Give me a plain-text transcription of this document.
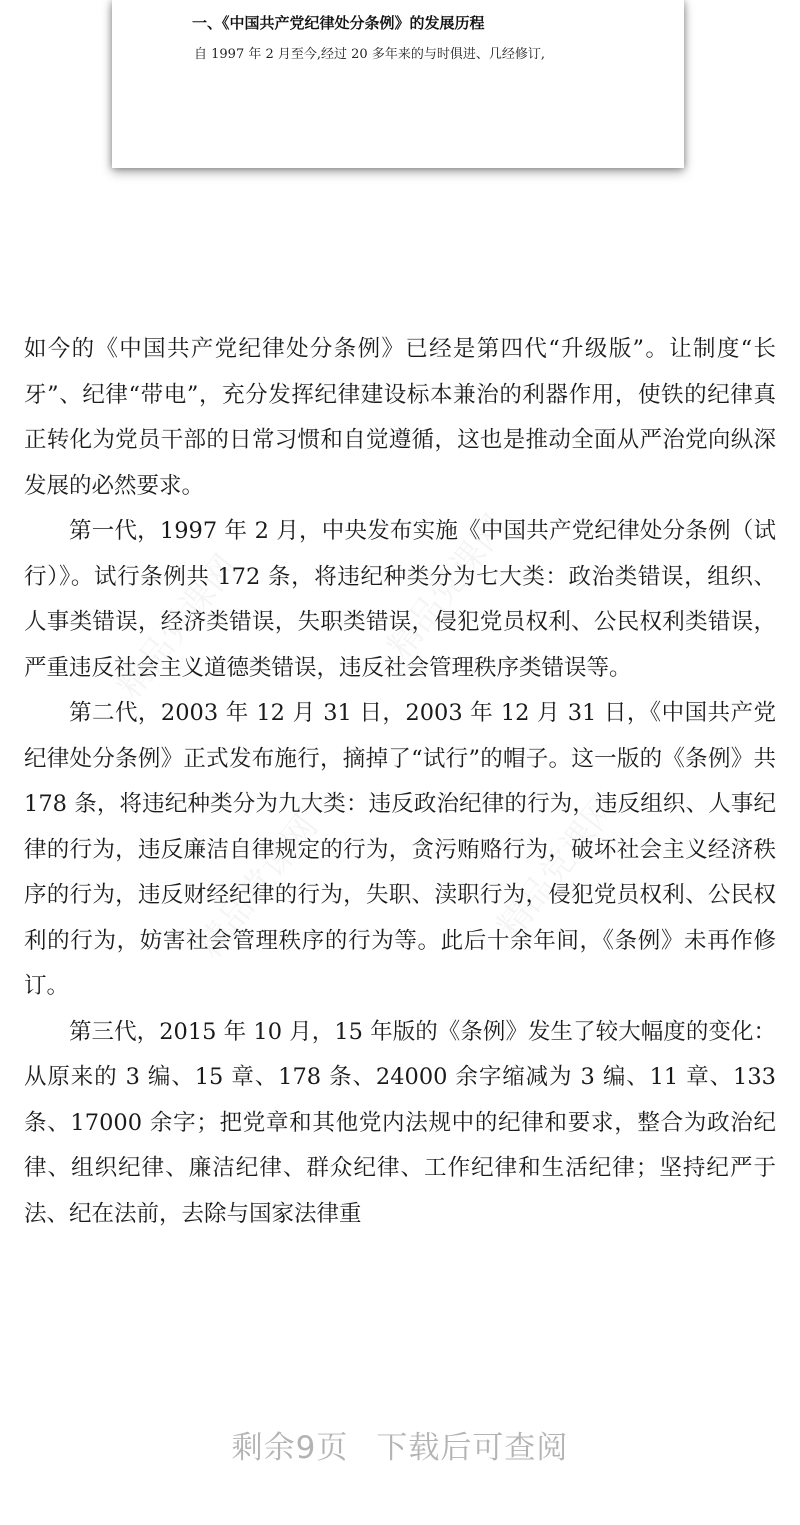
一、《中国共产党纪律处分条例》的发展历程
自 1997 年 2 月至今,经过 20 多年来的与时俱进、几经修订,

如今的《中国共产党纪律处分条例》已经是第四代“升级版”。让制度“长牙”、纪律“带电”，充分发挥纪律建设标本兼治的利器作用，使铁的纪律真正转化为党员干部的日常习惯和自觉遵循，这也是推动全面从严治党向纵深发展的必然要求。

第一代，1997 年 2 月，中央发布实施《中国共产党纪律处分条例（试行）》。试行条例共 172 条，将违纪种类分为七大类：政治类错误，组织、人事类错误，经济类错误，失职类错误，侵犯党员权利、公民权利类错误，严重违反社会主义道德类错误，违反社会管理秩序类错误等。

第二代，2003 年 12 月 31 日，2003 年 12 月 31 日，《中国共产党纪律处分条例》正式发布施行，摘掉了“试行”的帽子。这一版的《条例》共 178 条，将违纪种类分为九大类：违反政治纪律的行为，违反组织、人事纪律的行为，违反廉洁自律规定的行为，贪污贿赂行为，破坏社会主义经济秩序的行为，违反财经纪律的行为，失职、渎职行为，侵犯党员权利、公民权利的行为，妨害社会管理秩序的行为等。此后十余年间，《条例》未再作修订。

第三代，2015 年 10 月，15 年版的《条例》发生了较大幅度的变化：从原来的 3 编、15 章、178 条、24000 余字缩减为 3 编、11 章、133 条、17000 余字；把党章和其他党内法规中的纪律和要求，整合为政治纪律、组织纪律、廉洁纪律、群众纪律、工作纪律和生活纪律；坚持纪严于法、纪在法前，去除与国家法律重

剩余9页 下载后可查阅
